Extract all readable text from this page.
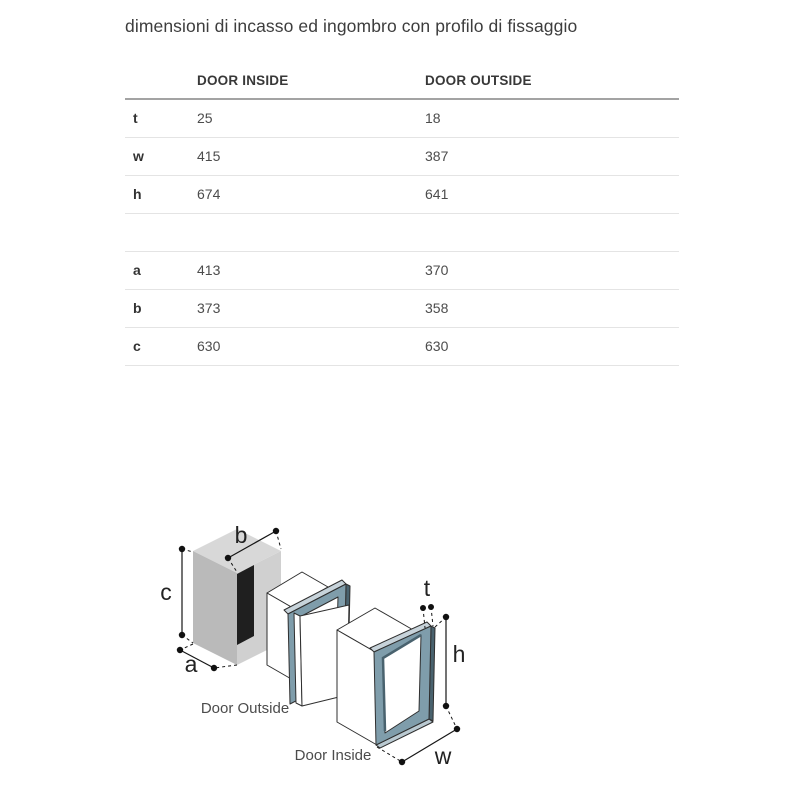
dimensioni di incasso ed ingombro con profilo di fissaggio
	DOOR INSIDE	DOOR OUTSIDE
t	25	18
w	415	387
h	674	641

a	413	370
b	373	358
c	630	630
c
a
b
Door Outside
Door Inside
t
h
w
